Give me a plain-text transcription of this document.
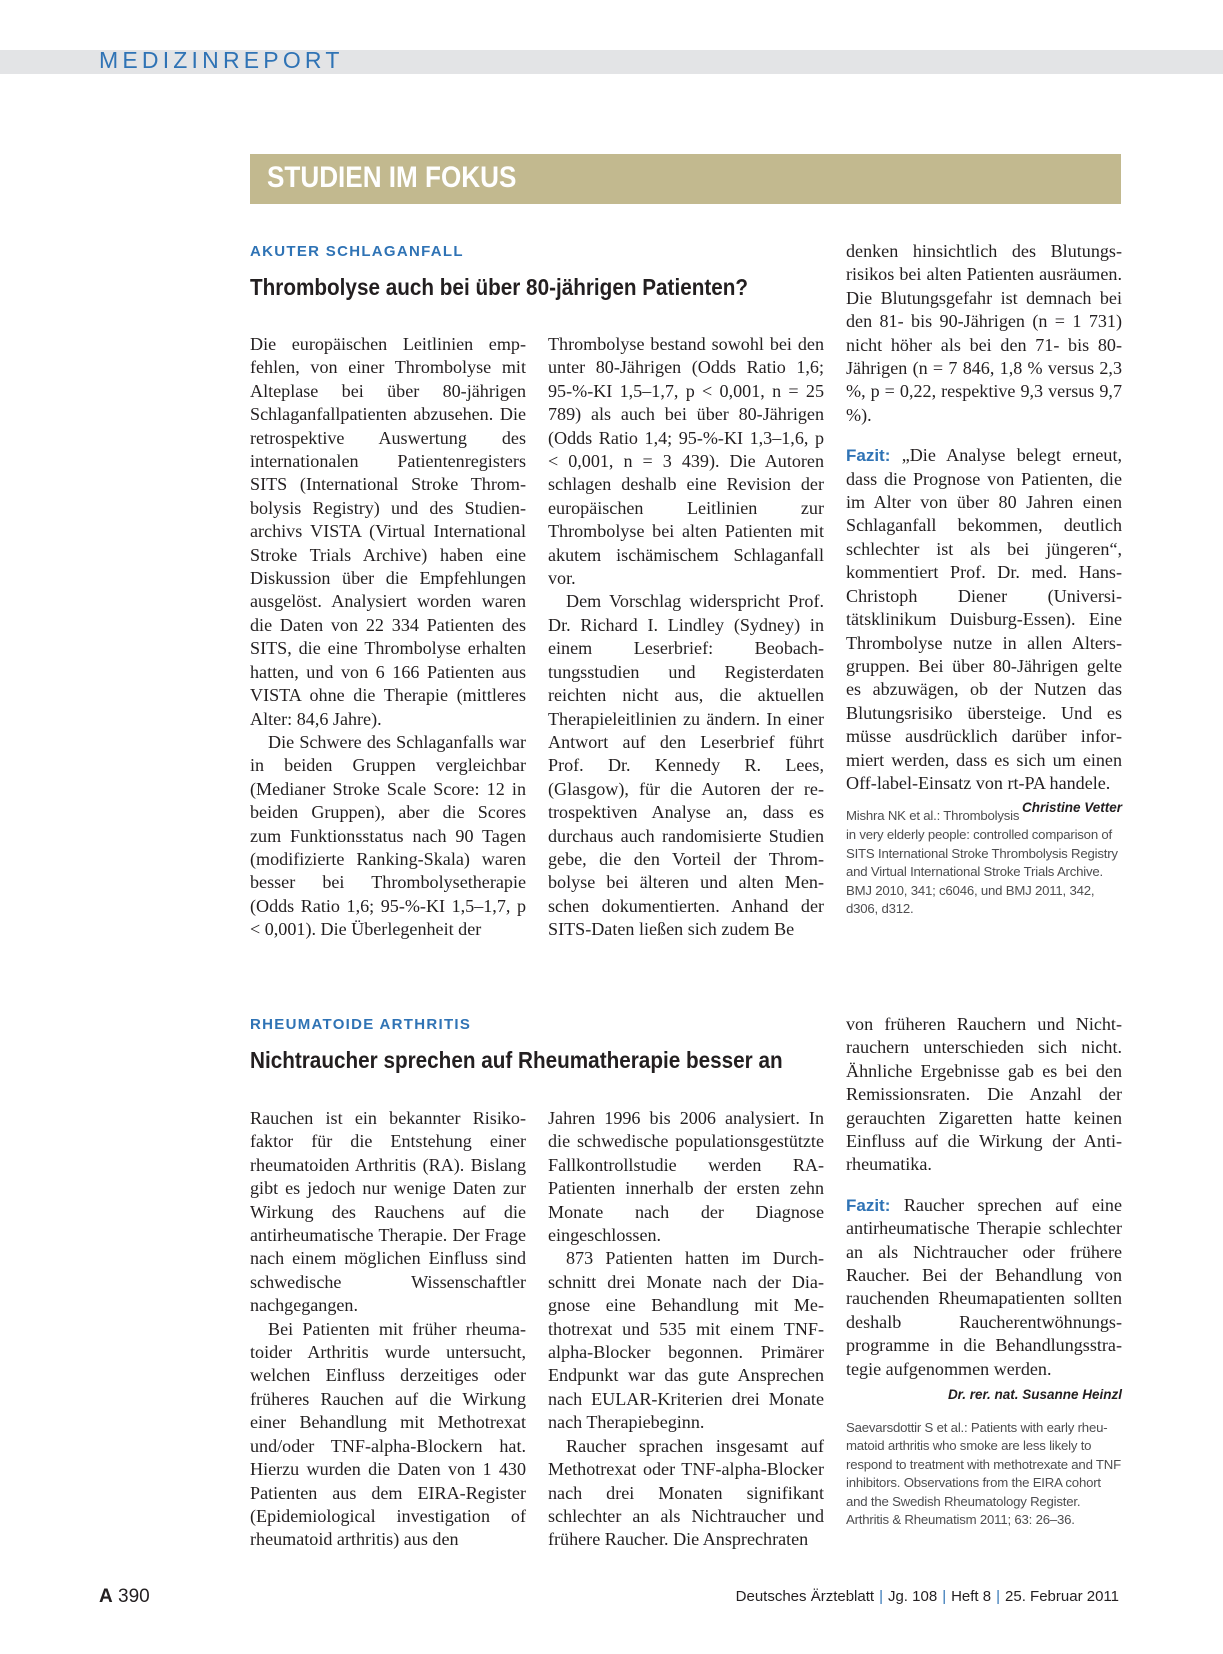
MEDIZINREPORT
STUDIEN IM FOKUS
AKUTER SCHLAGANFALL
Thrombolyse auch bei über 80-jährigen Patienten?

Die europäischen Leitlinien empfehlen, von einer Thrombolyse mit Alteplase bei über 80-jährigen Schlaganfallpatienten abzusehen. Die retrospektive Auswertung des internationalen Patientenregisters SITS (International Stroke Thrombolysis Registry) und des Studienarchivs VISTA (Virtual International Stroke Trials Archive) haben eine Diskussion über die Empfehlungen ausgelöst. Analysiert worden waren die Daten von 22 334 Patienten des SITS, die eine Thrombolyse erhalten hatten, und von 6 166 Patienten aus VISTA ohne die Therapie (mittleres Alter: 84,6 Jahre).

Die Schwere des Schlaganfalls war in beiden Gruppen vergleichbar (Medianer Stroke Scale Score: 12 in beiden Gruppen), aber die Scores zum Funktionsstatus nach 90 Tagen (modifizierte Ranking-Skala) waren besser bei Thrombolysetherapie (Odds Ratio 1,6; 95-%-KI 1,5–1,7, p < 0,001). Die Überlegenheit der

Thrombolyse bestand sowohl bei den unter 80-Jährigen (Odds Ratio 1,6; 95-%-KI 1,5–1,7, p < 0,001, n = 25 789) als auch bei über 80-Jährigen (Odds Ratio 1,4; 95-%-KI 1,3–1,6, p < 0,001, n = 3 439). Die Autoren schlagen deshalb eine Revision der europäischen Leitlinien zur Thrombolyse bei alten Patienten mit akutem ischämischem Schlaganfall vor.

Dem Vorschlag widerspricht Prof. Dr. Richard I. Lindley (Sydney) in einem Leserbrief: Beobachtungsstudien und Registerdaten reichten nicht aus, die aktuellen Therapieleitlinien zu ändern. In einer Antwort auf den Leserbrief führt Prof. Dr. Kennedy R. Lees, (Glasgow), für die Autoren der retrospektiven Analyse an, dass es durchaus auch randomisierte Studien gebe, die den Vorteil der Thrombolyse bei älteren und alten Menschen dokumentierten. Anhand der SITS-Daten ließen sich zudem Be

denken hinsichtlich des Blutungsrisikos bei alten Patienten ausräumen. Die Blutungsgefahr ist demnach bei den 81- bis 90-Jährigen (n = 1 731) nicht höher als bei den 71- bis 80-Jährigen (n = 7 846, 1,8 % versus 2,3 %, p = 0,22, respektive 9,3 versus 9,7 %).

Fazit: „Die Analyse belegt erneut, dass die Prognose von Patienten, die im Alter von über 80 Jahren einen Schlaganfall bekommen, deutlich schlechter ist als bei jüngeren“, kommentiert Prof. Dr. med. Hans-Christoph Diener (Universitätsklinikum Duisburg-Essen). Eine Thrombolyse nutze in allen Altersgruppen. Bei über 80-Jährigen gelte es abzuwägen, ob der Nutzen das Blutungsrisiko übersteige. Und es müsse ausdrücklich darüber informiert werden, dass es sich um einen Off-label-Einsatz von rt-PA handele.
Christine Vetter

Mishra NK et al.: Thrombolysis in very elderly people: controlled comparison of SITS International Stroke Thrombolysis Registry and Virtual International Stroke Trials Archive. BMJ 2010, 341; c6046, und BMJ 2011, 342, d306, d312.
RHEUMATOIDE ARTHRITIS
Nichtraucher sprechen auf Rheumatherapie besser an

Rauchen ist ein bekannter Risikofaktor für die Entstehung einer rheumatoiden Arthritis (RA). Bislang gibt es jedoch nur wenige Daten zur Wirkung des Rauchens auf die antirheumatische Therapie. Der Frage nach einem möglichen Einfluss sind schwedische Wissenschaftler nachgegangen.

Bei Patienten mit früher rheumatoider Arthritis wurde untersucht, welchen Einfluss derzeitiges oder früheres Rauchen auf die Wirkung einer Behandlung mit Methotrexat und/oder TNF-alpha-Blockern hat. Hierzu wurden die Daten von 1 430 Patienten aus dem EIRA-Register (Epidemiological investigation of rheumatoid arthritis) aus den

Jahren 1996 bis 2006 analysiert. In die schwedische populationsgestützte Fallkontrollstudie werden RA-Patienten innerhalb der ersten zehn Monate nach der Diagnose eingeschlossen.

873 Patienten hatten im Durchschnitt drei Monate nach der Diagnose eine Behandlung mit Methotrexat und 535 mit einem TNF-alpha-Blocker begonnen. Primärer Endpunkt war das gute Ansprechen nach EULAR-Kriterien drei Monate nach Therapiebeginn.

Raucher sprachen insgesamt auf Methotrexat oder TNF-alpha-Blocker nach drei Monaten signifikant schlechter an als Nichtraucher und frühere Raucher. Die Ansprechraten

von früheren Rauchern und Nichtrauchern unterschieden sich nicht. Ähnliche Ergebnisse gab es bei den Remissionsraten. Die Anzahl der gerauchten Zigaretten hatte keinen Einfluss auf die Wirkung der Antirheumatika.

Fazit: Raucher sprechen auf eine antirheumatische Therapie schlechter an als Nichtraucher oder frühere Raucher. Bei der Behandlung von rauchenden Rheumapatienten sollten deshalb Raucherentwöhnungsprogramme in die Behandlungsstrategie aufgenommen werden.

Dr. rer. nat. Susanne Heinzl
Saevarsdottir S et al.: Patients with early rheumatoid arthritis who smoke are less likely to respond to treatment with methotrexate and TNF inhibitors. Observations from the EIRA cohort and the Swedish Rheumatology Register. Arthritis & Rheumatism 2011; 63: 26–36.
A 390	Deutsches Ärzteblatt | Jg. 108 | Heft 8 | 25. Februar 2011
